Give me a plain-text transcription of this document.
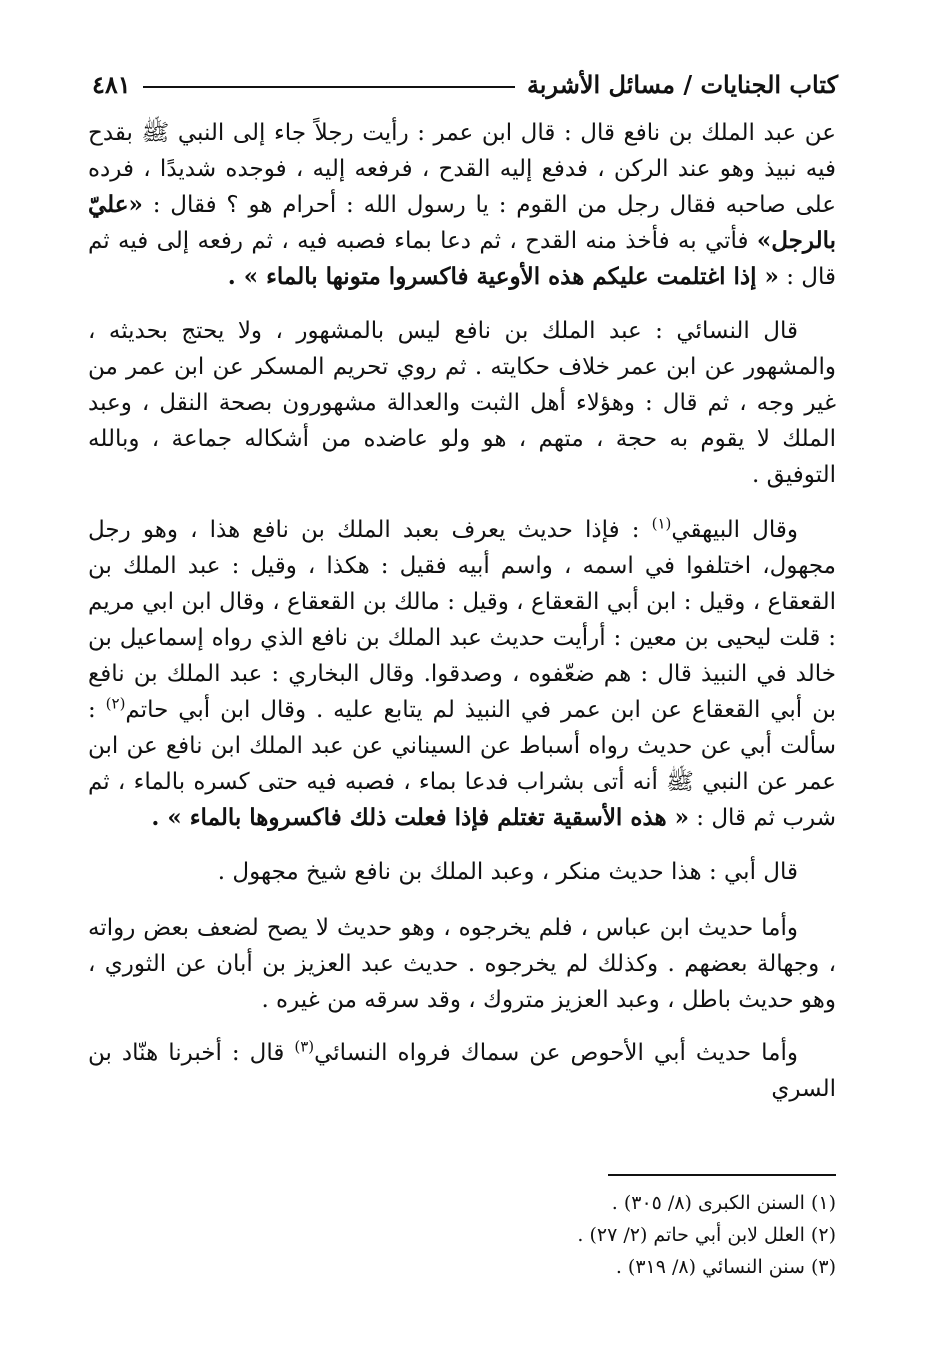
كتاب الجنايات / مسائل الأشربة
٤٨١

عن عبد الملك بن نافع قال : قال ابن عمر : رأيت رجلاً جاء إلى النبي ﷺ بقدح فيه نبيذ وهو عند الركن ، فدفع إليه القدح ، فرفعه إليه ، فوجده شديدًا ، فرده على صاحبه فقال رجل من القوم : يا رسول الله : أحرام هو ؟ فقال : «عليّ بالرجل» فأتي به فأخذ منه القدح ، ثم دعا بماء فصبه فيه ، ثم رفعه إلى فيه ثم قال : « إذا اغتلمت عليكم هذه الأوعية فاكسروا متونها بالماء » .

قال النسائي : عبد الملك بن نافع ليس بالمشهور ، ولا يحتج بحديثه ، والمشهور عن ابن عمر خلاف حكايته . ثم روي تحريم المسكر عن ابن عمر من غير وجه ، ثم قال : وهؤلاء أهل الثبت والعدالة مشهورون بصحة النقل ، وعبد الملك لا يقوم به حجة ، متهم ، هو ولو عاضده من أشكاله جماعة ، وبالله التوفيق .

وقال البيهقي$^{(١)}$ : فإذا حديث يعرف بعبد الملك بن نافع هذا ، وهو رجل مجهول، اختلفوا في اسمه ، واسم أبيه فقيل : هكذا ، وقيل : عبد الملك بن القعقاع ، وقيل : ابن أبي القعقاع ، وقيل : مالك بن القعقاع ، وقال ابن ابي مريم : قلت ليحيى بن معين : أرأيت حديث عبد الملك بن نافع الذي رواه إسماعيل بن خالد في النبيذ قال : هم ضعّفوه ، وصدقوا. وقال البخاري : عبد الملك بن نافع بن أبي القعقاع عن ابن عمر في النبيذ لم يتابع عليه . وقال ابن أبي حاتم$^{(٢)}$ : سألت أبي عن حديث رواه أسباط عن السيناني عن عبد الملك ابن نافع عن ابن عمر عن النبي ﷺ أنه أتى بشراب فدعا بماء ، فصبه فيه حتى كسره بالماء ، ثم شرب ثم قال : « هذه الأسقية تغتلم فإذا فعلت ذلك فاكسروها بالماء » .

قال أبي : هذا حديث منكر ، وعبد الملك بن نافع شيخ مجهول .

وأما حديث ابن عباس ، فلم يخرجوه ، وهو حديث لا يصح لضعف بعض رواته ، وجهالة بعضهم . وكذلك لم يخرجوه . حديث عبد العزيز بن أبان عن الثوري ، وهو حديث باطل ، وعبد العزيز متروك ، وقد سرقه من غيره .

وأما حديث أبي الأحوص عن سماك فرواه النسائي$^{(٣)}$ قال : أخبرنا هنّاد بن السري

(١) السنن الكبرى (٨/ ٣٠٥) .

(٢) العلل لابن أبي حاتم (٢/ ٢٧) .

(٣) سنن النسائي (٨/ ٣١٩) .
